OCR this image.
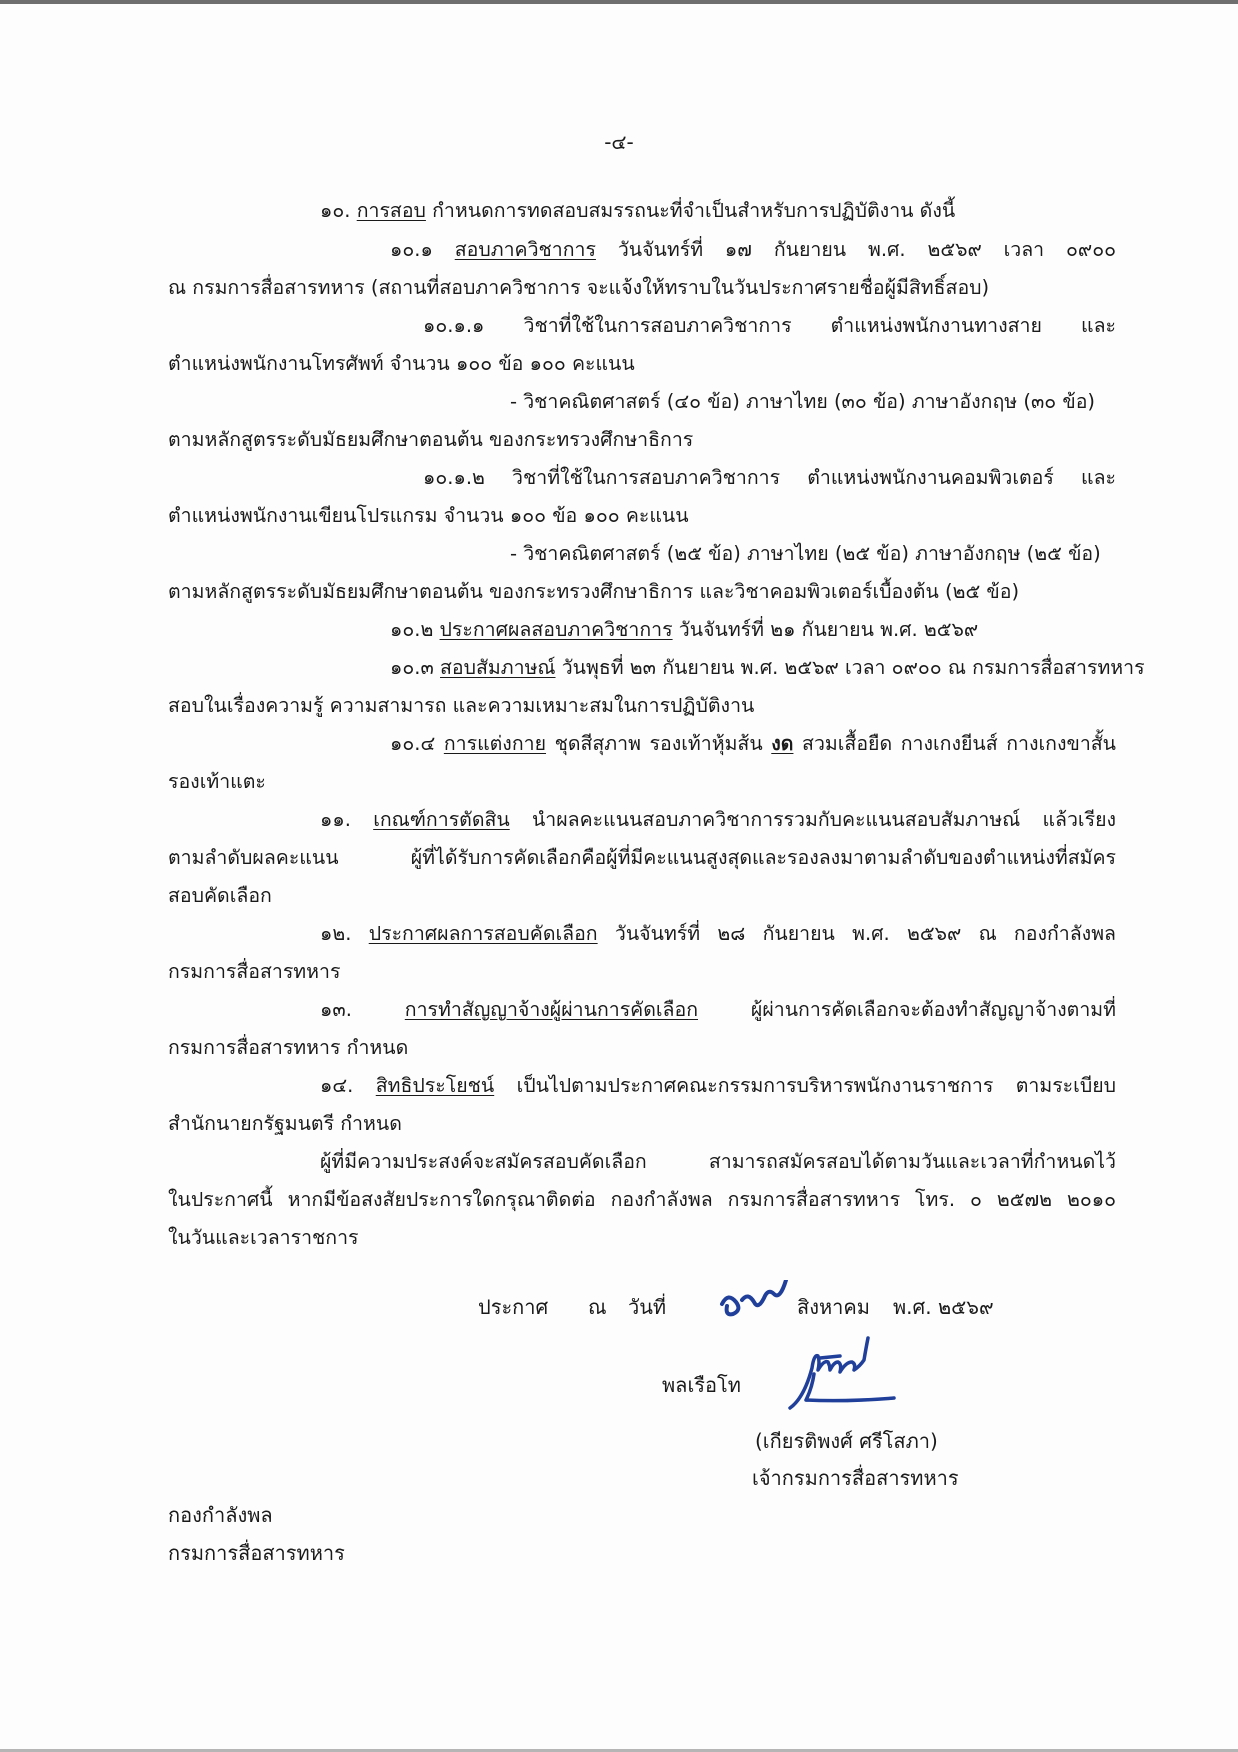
-๔-

๑๐. การสอบ กำหนดการทดสอบสมรรถนะที่จำเป็นสำหรับการปฏิบัติงาน ดังนี้

๑๐.๑ สอบภาควิชาการ วันจันทร์ที่ ๑๗ กันยายน พ.ศ. ๒๕๖๙ เวลา ๐๙๐๐

ณ กรมการสื่อสารทหาร (สถานที่สอบภาควิชาการ จะแจ้งให้ทราบในวันประกาศรายชื่อผู้มีสิทธิ์สอบ)

๑๐.๑.๑ วิชาที่ใช้ในการสอบภาควิชาการ ตำแหน่งพนักงานทางสาย และ

ตำแหน่งพนักงานโทรศัพท์ จำนวน ๑๐๐ ข้อ ๑๐๐ คะแนน

- วิชาคณิตศาสตร์ (๔๐ ข้อ) ภาษาไทย (๓๐ ข้อ) ภาษาอังกฤษ (๓๐ ข้อ)

ตามหลักสูตรระดับมัธยมศึกษาตอนต้น ของกระทรวงศึกษาธิการ

๑๐.๑.๒ วิชาที่ใช้ในการสอบภาควิชาการ ตำแหน่งพนักงานคอมพิวเตอร์ และ

ตำแหน่งพนักงานเขียนโปรแกรม จำนวน ๑๐๐ ข้อ ๑๐๐ คะแนน

- วิชาคณิตศาสตร์ (๒๕ ข้อ) ภาษาไทย (๒๕ ข้อ) ภาษาอังกฤษ (๒๕ ข้อ)

ตามหลักสูตรระดับมัธยมศึกษาตอนต้น ของกระทรวงศึกษาธิการ และวิชาคอมพิวเตอร์เบื้องต้น (๒๕ ข้อ)

๑๐.๒ ประกาศผลสอบภาควิชาการ วันจันทร์ที่ ๒๑ กันยายน พ.ศ. ๒๕๖๙

๑๐.๓ สอบสัมภาษณ์ วันพุธที่ ๒๓ กันยายน พ.ศ. ๒๕๖๙ เวลา ๐๙๐๐ ณ กรมการสื่อสารทหาร

สอบในเรื่องความรู้ ความสามารถ และความเหมาะสมในการปฏิบัติงาน

๑๐.๔ การแต่งกาย ชุดสีสุภาพ รองเท้าหุ้มส้น งด สวมเสื้อยืด กางเกงยีนส์ กางเกงขาสั้น

รองเท้าแตะ

๑๑. เกณฑ์การตัดสิน นำผลคะแนนสอบภาควิชาการรวมกับคะแนนสอบสัมภาษณ์ แล้วเรียง

ตามลำดับผลคะแนน ผู้ที่ได้รับการคัดเลือกคือผู้ที่มีคะแนนสูงสุดและรองลงมาตามลำดับของตำแหน่งที่สมัคร

สอบคัดเลือก

๑๒. ประกาศผลการสอบคัดเลือก วันจันทร์ที่ ๒๘ กันยายน พ.ศ. ๒๕๖๙ ณ กองกำลังพล

กรมการสื่อสารทหาร

๑๓.	การทำสัญญาจ้างผู้ผ่านการคัดเลือก	ผู้ผ่านการคัดเลือกจะต้องทำสัญญาจ้างตามที่

กรมการสื่อสารทหาร กำหนด

๑๔. สิทธิประโยชน์ เป็นไปตามประกาศคณะกรรมการบริหารพนักงานราชการ ตามระเบียบ

สำนักนายกรัฐมนตรี กำหนด

ผู้ที่มีความประสงค์จะสมัครสอบคัดเลือก สามารถสมัครสอบได้ตามวันและเวลาที่กำหนดไว้

ในประกาศนี้ หากมีข้อสงสัยประการใดกรุณาติดต่อ กองกำลังพล กรมการสื่อสารทหาร โทร. ๐ ๒๕๗๒ ๒๐๑๐

ในวันและเวลาราชการ

ประกาศ ณ วันที่	สิงหาคม พ.ศ. ๒๕๖๙
พลเรือโท
(เกียรติพงศ์ ศรีโสภา)
เจ้ากรมการสื่อสารทหาร
กองกำลังพล
กรมการสื่อสารทหาร
